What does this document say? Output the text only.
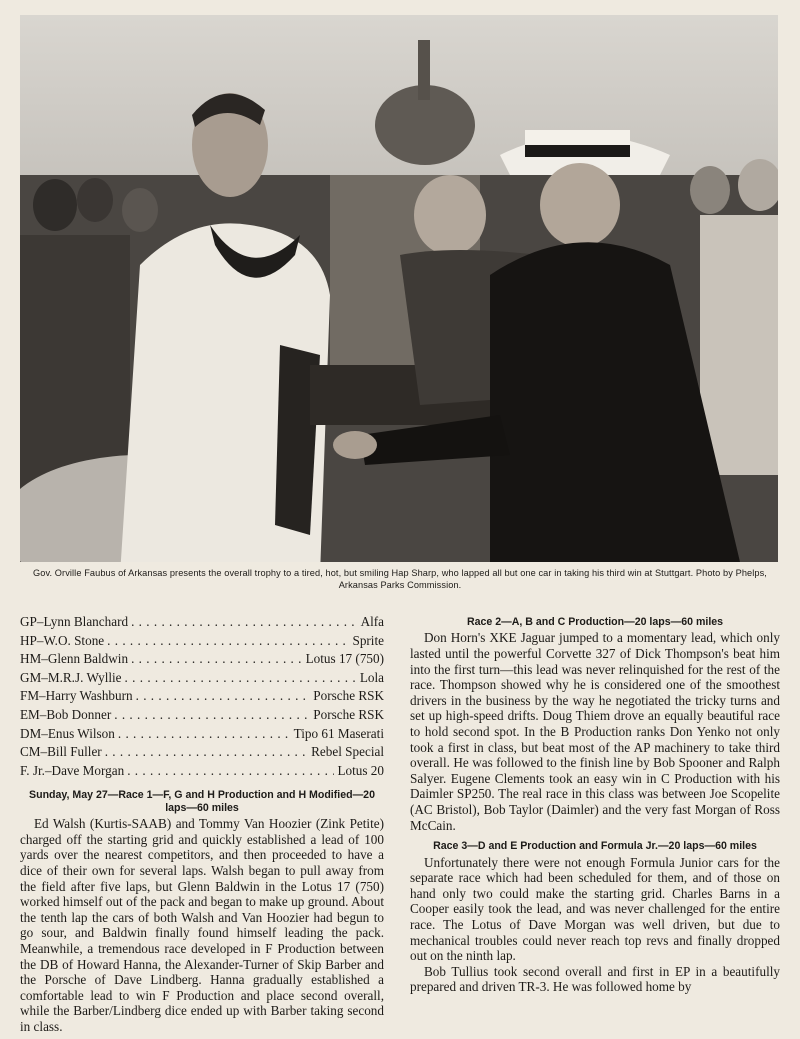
Gov. Orville Faubus of Arkansas presents the overall trophy to a tired, hot, but smiling Hap Sharp, who lapped all but one car in taking his third win at Stuttgart. Photo by Phelps, Arkansas Parks Commission.
GP–Lynn Blanchard . . .	Alfa
HP–W.O. Stone . . .	Sprite
HM–Glenn Baldwin . . .	Lotus 17 (750)
GM–M.R.J. Wyllie . . .	Lola
FM–Harry Washburn . . .	Porsche RSK
EM–Bob Donner . . .	Porsche RSK
DM–Enus Wilson . . .	Tipo 61 Maserati
CM–Bill Fuller . . .	Rebel Special
F. Jr.–Dave Morgan . . .	Lotus 20
Sunday, May 27—Race 1—F, G and H Production and H Modified—20 laps—60 miles

Ed Walsh (Kurtis-SAAB) and Tommy Van Hoozier (Zink Petite) charged off the starting grid and quickly established a lead of 100 yards over the nearest competitors, and then proceeded to have a dice of their own for several laps. Walsh began to pull away from the field after five laps, but Glenn Baldwin in the Lotus 17 (750) worked himself out of the pack and began to make up ground. About the tenth lap the cars of both Walsh and Van Hoozier had begun to go sour, and Baldwin finally found himself leading the pack. Meanwhile, a tremendous race developed in F Production between the DB of Howard Hanna, the Alexander-Turner of Skip Barber and the Porsche of Dave Lindberg. Hanna gradually established a comfortable lead to win F Production and place second overall, while the Barber/Lindberg dice ended up with Barber taking second in class.

Race 2—A, B and C Production—20 laps—60 miles

Don Horn's XKE Jaguar jumped to a momentary lead, which only lasted until the powerful Corvette 327 of Dick Thompson's beat him into the first turn—this lead was never relinquished for the rest of the race. Thompson showed why he is considered one of the smoothest drivers in the business by the way he negotiated the tricky turns and set up high-speed drifts. Doug Thiem drove an equally beautiful race to hold second spot. In the B Production ranks Don Yenko not only took a first in class, but beat most of the AP machinery to take third overall. He was followed to the finish line by Bob Spooner and Ralph Salyer. Eugene Clements took an easy win in C Production with his Daimler SP250. The real race in this class was between Joe Scopelite (AC Bristol), Bob Taylor (Daimler) and the very fast Morgan of Ross McCain.

Race 3—D and E Production and Formula Jr.—20 laps—60 miles

Unfortunately there were not enough Formula Junior cars for the separate race which had been scheduled for them, and of those on hand only two could make the starting grid. Charles Barns in a Cooper easily took the lead, and was never challenged for the entire race. The Lotus of Dave Morgan was well driven, but due to mechanical troubles could never reach top revs and finally dropped out on the ninth lap.

Bob Tullius took second overall and first in EP in a beautifully prepared and driven TR-3. He was followed home by
